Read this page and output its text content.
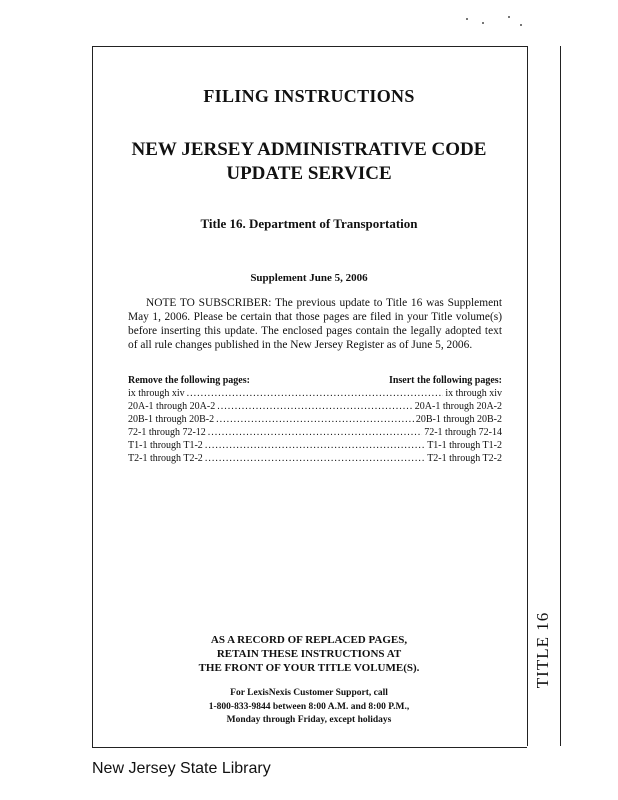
TITLE 16
FILING INSTRUCTIONS
NEW JERSEY ADMINISTRATIVE CODE
UPDATE SERVICE
Title 16. Department of Transportation
Supplement June 5, 2006
NOTE TO SUBSCRIBER: The previous update to Title 16 was Supplement May 1, 2006. Please be certain that those pages are filed in your Title volume(s) before inserting this update. The enclosed pages contain the legally adopted text of all rule changes published in the New Jersey Register as of June 5, 2006.
Remove the following pages:	Insert the following pages:
ix through xiv .....	ix through xiv
20A-1 through 20A-2 .....	20A-1 through 20A-2
20B-1 through 20B-2 .....	20B-1 through 20B-2
72-1 through 72-12 .....	72-1 through 72-14
T1-1 through T1-2 .....	T1-1 through T1-2
T2-1 through T2-2 .....	T2-1 through T2-2
AS A RECORD OF REPLACED PAGES,
RETAIN THESE INSTRUCTIONS AT
THE FRONT OF YOUR TITLE VOLUME(S).
For LexisNexis Customer Support, call
1-800-833-9844 between 8:00 A.M. and 8:00 P.M.,
Monday through Friday, except holidays
New Jersey State Library
